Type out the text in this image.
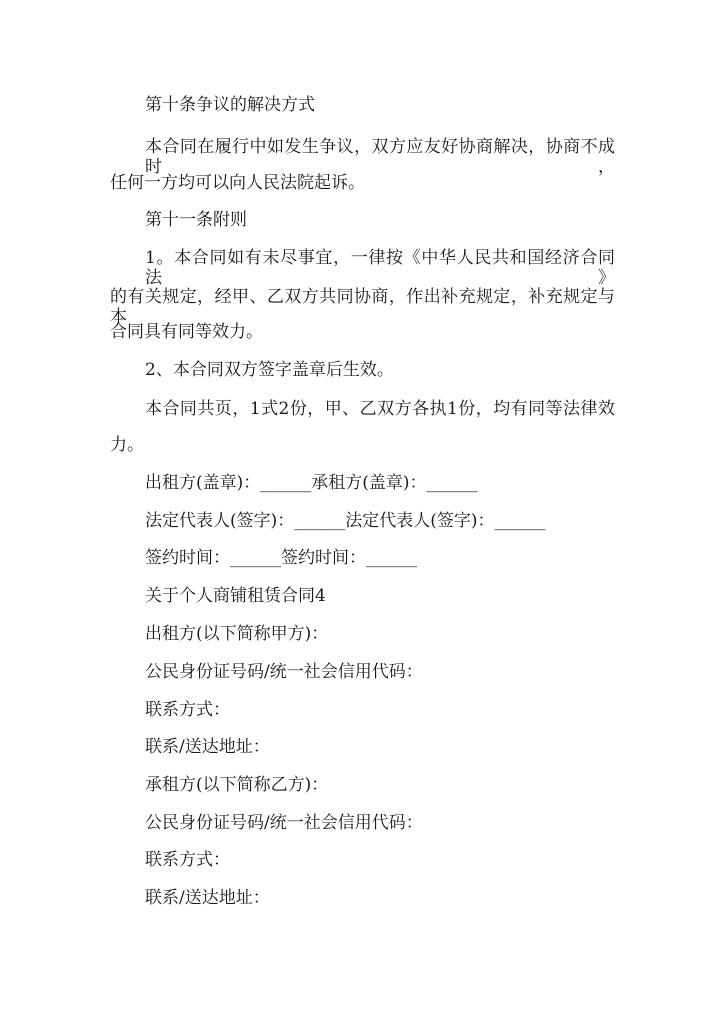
第十条争议的解决方式
本合同在履行中如发生争议，双方应友好协商解决，协商不成时，
任何一方均可以向人民法院起诉。
第十一条附则
1。本合同如有未尽事宜，一律按《中华人民共和国经济合同法》
的有关规定，经甲、乙双方共同协商，作出补充规定，补充规定与本
合同具有同等效力。
2、本合同双方签字盖章后生效。
本合同共页，1式2份，甲、乙双方各执1份，均有同等法律效
力。
出租方(盖章)：______承租方(盖章)：______
法定代表人(签字)：______法定代表人(签字)：______
签约时间：______签约时间：______
关于个人商铺租赁合同4
出租方(以下简称甲方)：
公民身份证号码/统一社会信用代码：
联系方式：
联系/送达地址：
承租方(以下简称乙方)：
公民身份证号码/统一社会信用代码：
联系方式：
联系/送达地址：
